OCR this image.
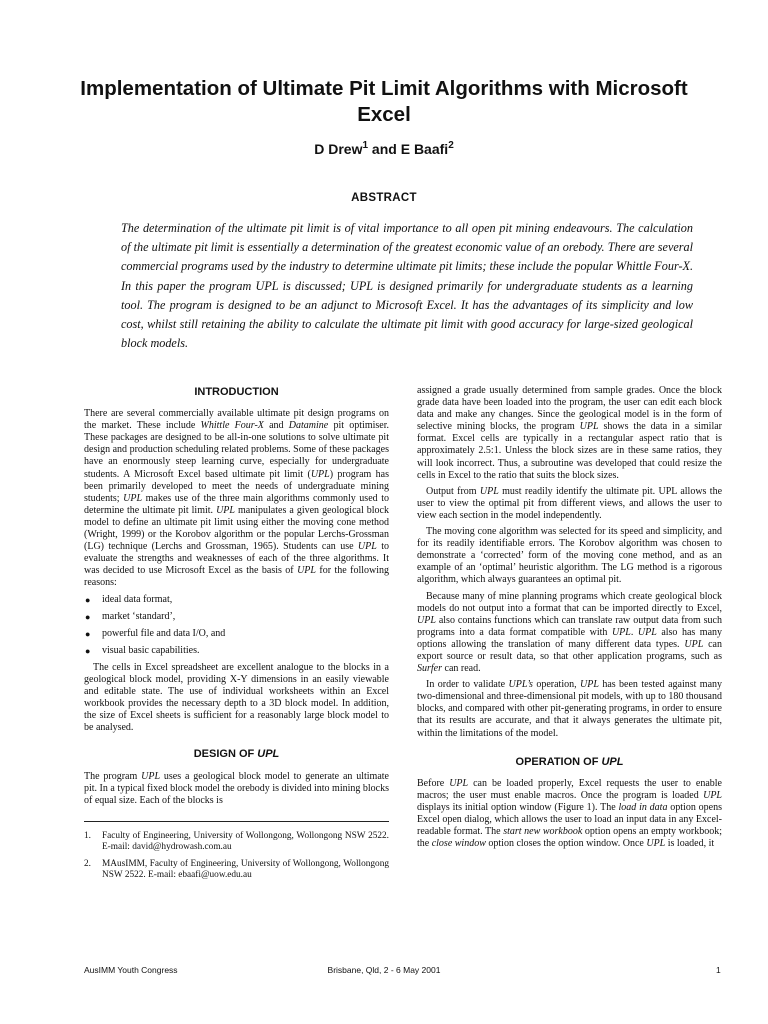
Implementation of Ultimate Pit Limit Algorithms with Microsoft Excel
D Drew$^1$ and E Baafi$^2$
ABSTRACT

The determination of the ultimate pit limit is of vital importance to all open pit mining endeavours. The calculation of the ultimate pit limit is essentially a determination of the greatest economic value of an orebody. There are several commercial programs used by the industry to determine ultimate pit limits; these include the popular Whittle Four-X. In this paper the program UPL is discussed; UPL is designed primarily for undergraduate students as a learning tool. The program is designed to be an adjunct to Microsoft Excel. It has the advantages of its simplicity and low cost, whilst still retaining the ability to calculate the ultimate pit limit with good accuracy for large-sized geological block models.

INTRODUCTION

There are several commercially available ultimate pit design programs on the market. These include Whittle Four-X and Datamine pit optimiser. These packages are designed to be all-in-one solutions to solve ultimate pit design and production scheduling related problems. Some of these packages have an enormously steep learning curve, especially for undergraduate students. A Microsoft Excel based ultimate pit limit (UPL) program has been primarily developed to meet the needs of undergraduate mining students; UPL makes use of the three main algorithms commonly used to determine the ultimate pit limit. UPL manipulates a given geological block model to define an ultimate pit limit using either the moving cone method (Wright, 1999) or the Korobov algorithm or the popular Lerchs-Grossman (LG) technique (Lerchs and Grossman, 1965). Students can use UPL to evaluate the strengths and weaknesses of each of the three algorithms. It was decided to use Microsoft Excel as the basis of UPL for the following reasons:

● ideal data format,
● market ‘standard’,
● powerful file and data I/O, and
● visual basic capabilities.

The cells in Excel spreadsheet are excellent analogue to the blocks in a geological block model, providing X-Y dimensions in an easily viewable and editable state. The use of individual worksheets within an Excel workbook provides the necessary depth to a 3D block model. In addition, the size of Excel sheets is sufficient for a reasonably large block model to be analysed.

DESIGN OF UPL

The program UPL uses a geological block model to generate an ultimate pit. In a typical fixed block model the orebody is divided into mining blocks of equal size. Each of the blocks is

1. Faculty of Engineering, University of Wollongong, Wollongong NSW 2522. E-mail: david@hydrowash.com.au
2. MAusIMM, Faculty of Engineering, University of Wollongong, Wollongong NSW 2522. E-mail: ebaafi@uow.edu.au

assigned a grade usually determined from sample grades. Once the block grade data have been loaded into the program, the user can edit each block data and make any changes. Since the geological model is in the form of selective mining blocks, the program UPL shows the data in a similar format. Excel cells are typically in a rectangular aspect ratio that is approximately 2.5:1. Unless the block sizes are in these same ratios, they will look incorrect. Thus, a subroutine was developed that could resize the cells in Excel to the ratio that suits the block sizes.

Output from UPL must readily identify the ultimate pit. UPL allows the user to view the optimal pit from different views, and allows the user to view each section in the model independently.

The moving cone algorithm was selected for its speed and simplicity, and for its readily identifiable errors. The Korobov algorithm was chosen to demonstrate a ‘corrected’ form of the moving cone method, and as an example of an ‘optimal’ heuristic algorithm. The LG method is a rigorous algorithm, which always guarantees an optimal pit.

Because many of mine planning programs which create geological block models do not output into a format that can be imported directly to Excel, UPL also contains functions which can translate raw output data from such programs into a data format compatible with UPL. UPL also has many options allowing the translation of many different data types. UPL can export source or result data, so that other application programs, such as Surfer can read.

In order to validate UPL’s operation, UPL has been tested against many two-dimensional and three-dimensional pit models, with up to 180 thousand blocks, and compared with other pit-generating programs, in order to ensure that its results are accurate, and that it always generates the ultimate pit, within the limitations of the model.

OPERATION OF UPL

Before UPL can be loaded properly, Excel requests the user to enable macros; the user must enable macros. Once the program is loaded UPL displays its initial option window (Figure 1). The load in data option opens Excel open dialog, which allows the user to load an input data in any Excel-readable format. The start new workbook option opens an empty workbook; the close window option closes the option window. Once UPL is loaded, it

AusIMM Youth Congress	Brisbane, Qld, 2 - 6 May 2001	1
